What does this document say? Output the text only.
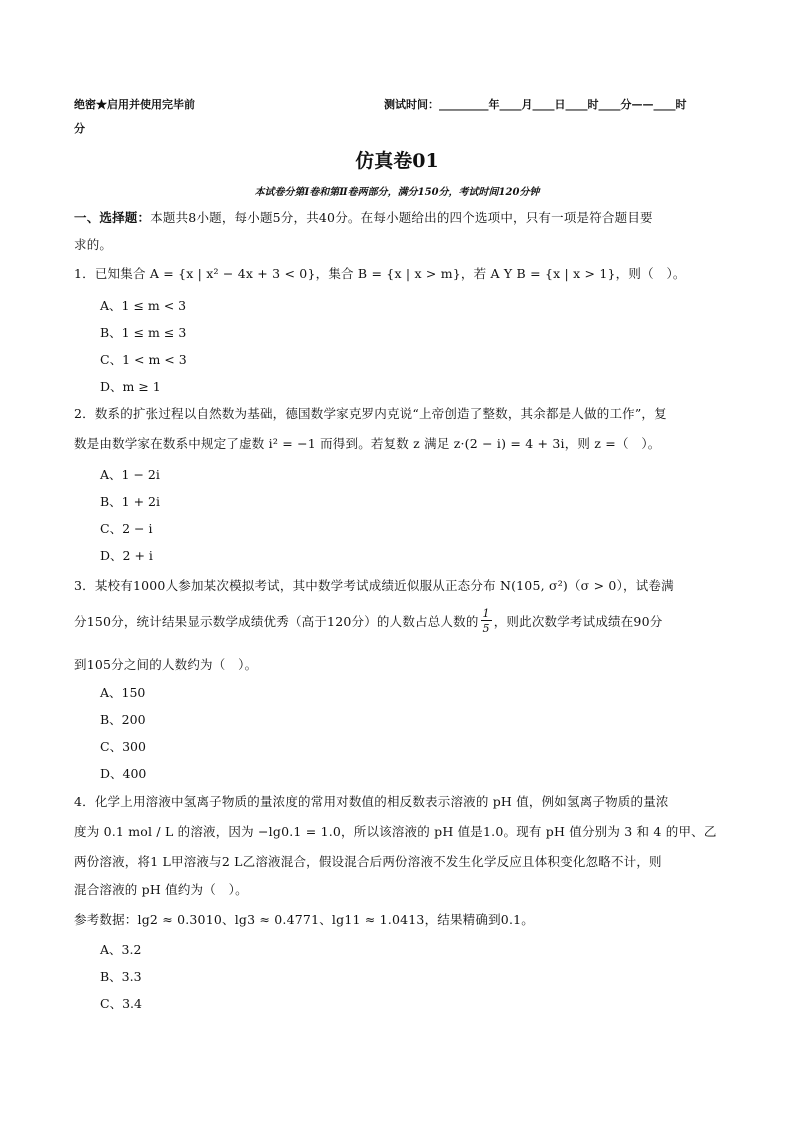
绝密★启用并使用完毕前	测试时间：_________年____月____日____时____分——____时
分
仿真卷01
本试卷分第Ⅰ卷和第Ⅱ卷两部分，满分150分，考试时间120分钟
一、选择题：本题共8小题，每小题5分，共40分。在每小题给出的四个选项中，只有一项是符合题目要
求的。
1．已知集合 A = {x | x² − 4x + 3 < 0}，集合 B = {x | x > m}，若 A Y B = {x | x > 1}，则（　）。
A、1 ≤ m < 3
B、1 ≤ m ≤ 3
C、1 < m < 3
D、m ≥ 1
2．数系的扩张过程以自然数为基础，德国数学家克罗内克说“上帝创造了整数，其余都是人做的工作”，复
数是由数学家在数系中规定了虚数 i² = −1 而得到。若复数 z 满足 z·(2 − i) = 4 + 3i，则 z =（　）。
A、1 − 2i
B、1 + 2i
C、2 − i
D、2 + i
3．某校有1000人参加某次模拟考试，其中数学考试成绩近似服从正态分布 N(105, σ²)（σ > 0），试卷满
分150分，统计结果显示数学成绩优秀（高于120分）的人数占总人数的 $\frac{1}{5}$ ，则此次数学考试成绩在90分
到105分之间的人数约为（　）。
A、150
B、200
C、300
D、400
4．化学上用溶液中氢离子物质的量浓度的常用对数值的相反数表示溶液的 pH 值，例如氢离子物质的量浓
度为 0.1 mol / L 的溶液，因为 −lg0.1 = 1.0，所以该溶液的 pH 值是1.0。现有 pH 值分别为 3 和 4 的甲、乙
两份溶液，将1 L甲溶液与2 L乙溶液混合，假设混合后两份溶液不发生化学反应且体积变化忽略不计，则
混合溶液的 pH 值约为（　）。
参考数据：lg2 ≈ 0.3010、lg3 ≈ 0.4771、lg11 ≈ 1.0413，结果精确到0.1。
A、3.2
B、3.3
C、3.4
